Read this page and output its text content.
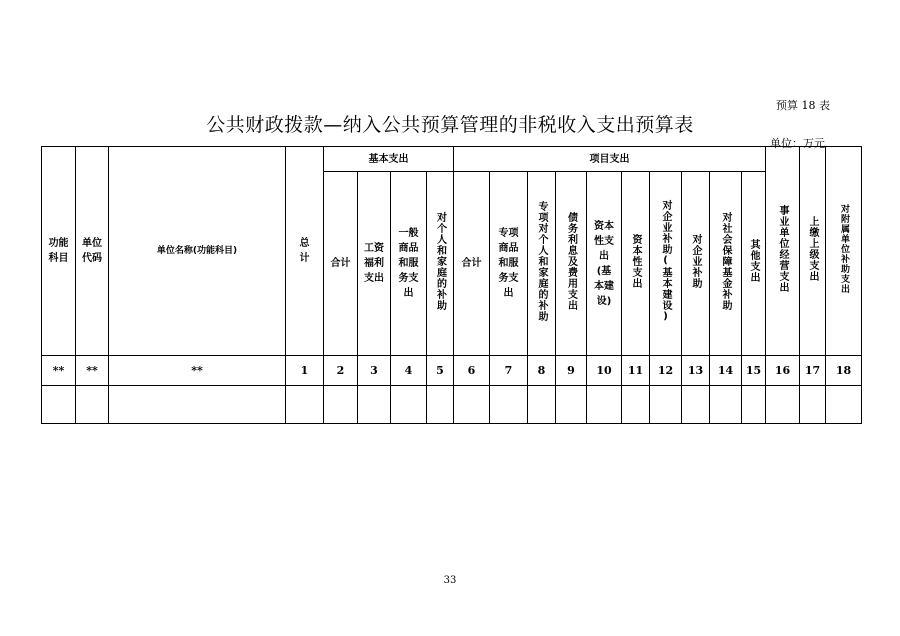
预算 18 表
公共财政拨款—纳入公共预算管理的非税收入支出预算表
单位：万元
功能科目	单位代码	单位名称(功能科目)	总计	基本支出				项目支出										事业单位经营支出	上缴上级支出	对附属单位补助支出
				合计	工资福利支出	一般商品和服务支出	对个人和家庭的补助	合计	专项商品和服务支出	专项对个人和家庭的补助	债务利息及费用支出	资本性支出(基本建设)	资本性支出	对企业补助(基本建设)	对企业补助	对社会保障基金补助	其他支出			
**	**	**	1	2	3	4	5	6	7	8	9	10	11	12	13	14	15	16	17	18

33
